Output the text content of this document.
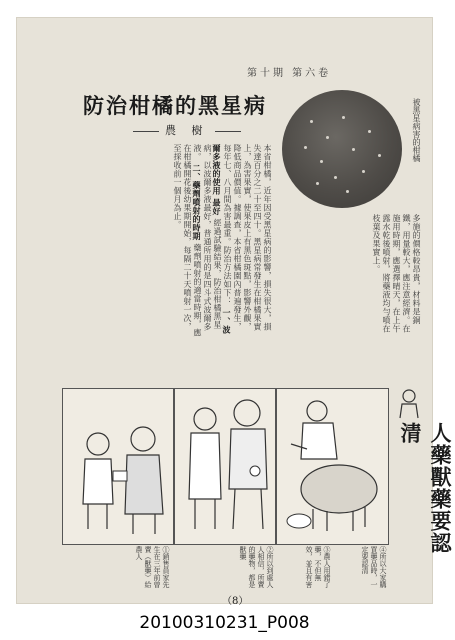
第十期 第六卷
防治柑橘的黑星病
農 樹	被黑星病害的柑橘
本省柑橘，近年因受黑星病的影響，損失很大，損失達百分之二十至四十。黑星病常發生在柑橘果實上，為害果實，使果皮上有黑色斑點，影響外觀，降低商品價值。據調查，本省柑橘園內普遍發生，每年七、八月間為害最重。防治方法如下： 一、波爾多液的使用 最好 經過試驗結果，防治柑橘黑星病，以波爾多液最好，普通所用的是四斗式波爾多液。 二、藥劑噴射的時期 藥劑噴射的適當時期，應在柑橘開花後幼果期開始，每隔二十天噴射一次，至採收前一個月為止。
多施的價格較昂貴，材料是銅鐵，用量較大，應注意經濟。在施用時期，應選擇晴天，在上午露水乾後噴射，將藥液均勻噴在枝葉及果實上。
人藥獸藥要認清
①銷售員家先生在三年前曾賣（獸藥）給農人	②所以到處人人相信，所賣的藥物，都是獸藥	③農人用錯了藥，不但無效，並且有害	④所以大家購買藥品時，一定要認清
（8）
20100310231_P008
